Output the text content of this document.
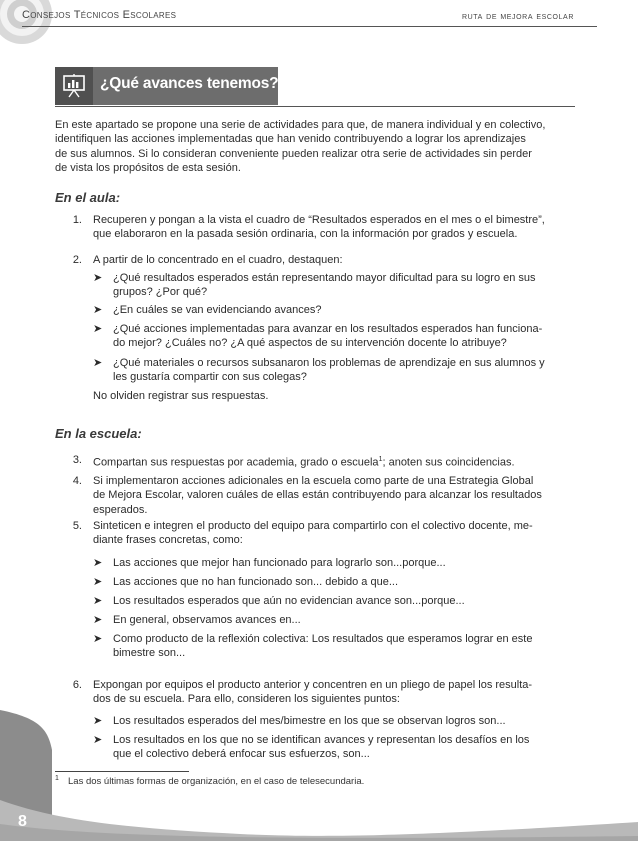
Consejos Técnicos Escolares	ruta de mejora escolar
¿Qué avances tenemos?
En este apartado se propone una serie de actividades para que, de manera individual y en colectivo,
identifiquen las acciones implementadas que han venido contribuyendo a lograr los aprendizajes
de sus alumnos. Si lo consideran conveniente pueden realizar otra serie de actividades sin perder
de vista los propósitos de esta sesión.
En el aula:
1. Recuperen y pongan a la vista el cuadro de “Resultados esperados en el mes o el bimestre”,
que elaboraron en la pasada sesión ordinaria, con la información por grados y escuela.
2. A partir de lo concentrado en el cuadro, destaquen:
➤ ¿Qué resultados esperados están representando mayor dificultad para su logro en sus
grupos? ¿Por qué?
➤ ¿En cuáles se van evidenciando avances?
➤ ¿Qué acciones implementadas para avanzar en los resultados esperados han funciona-
do mejor? ¿Cuáles no? ¿A qué aspectos de su intervención docente lo atribuye?
➤ ¿Qué materiales o recursos subsanaron los problemas de aprendizaje en sus alumnos y
les gustaría compartir con sus colegas?
No olviden registrar sus respuestas.
En la escuela:
3. Compartan sus respuestas por academia, grado o escuela$^1$; anoten sus coincidencias.
4. Si implementaron acciones adicionales en la escuela como parte de una Estrategia Global
de Mejora Escolar, valoren cuáles de ellas están contribuyendo para alcanzar los resultados
esperados.
5. Sinteticen e integren el producto del equipo para compartirlo con el colectivo docente, me-
diante frases concretas, como:
➤ Las acciones que mejor han funcionado para lograrlo son...porque...
➤ Las acciones que no han funcionado son... debido a que...
➤ Los resultados esperados que aún no evidencian avance son...porque...
➤ En general, observamos avances en...
➤ Como producto de la reflexión colectiva: Los resultados que esperamos lograr en este
bimestre son...
6. Expongan por equipos el producto anterior y concentren en un pliego de papel los resulta-
dos de su escuela. Para ello, consideren los siguientes puntos:
➤ Los resultados esperados del mes/bimestre en los que se observan logros son...
➤ Los resultados en los que no se identifican avances y representan los desafíos en los
que el colectivo deberá enfocar sus esfuerzos, son...
1 Las dos últimas formas de organización, en el caso de telesecundaria.
8
